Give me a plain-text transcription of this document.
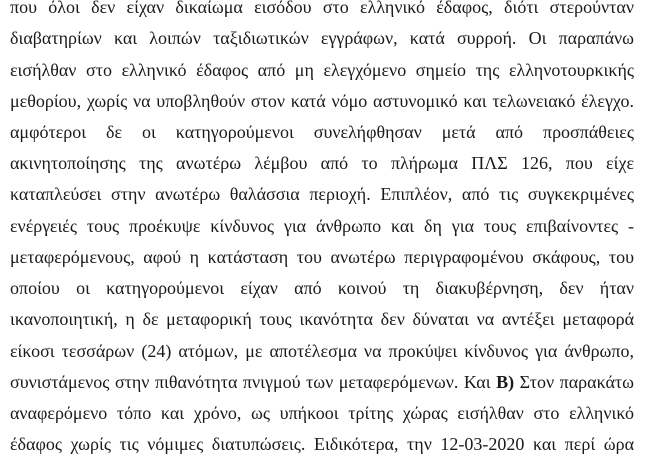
που όλοι δεν είχαν δικαίωμα εισόδου στο ελληνικό έδαφος, διότι στερούνταν
διαβατηρίων και λοιπών ταξιδιωτικών εγγράφων, κατά συρροή. Οι παραπάνω
εισήλθαν στο ελληνικό έδαφος από μη ελεγχόμενο σημείο της ελληνοτουρκικής
μεθορίου, χωρίς να υποβληθούν στον κατά νόμο αστυνομικό και τελωνειακό έλεγχο.
αμφότεροι δε οι κατηγορούμενοι συνελήφθησαν μετά από προσπάθειες
ακινητοποίησης της ανωτέρω λέμβου από το πλήρωμα ΠΛΣ 126, που είχε
καταπλεύσει στην ανωτέρω θαλάσσια περιοχή. Επιπλέον, από τις συγκεκριμένες
ενέργειές τους προέκυψε κίνδυνος για άνθρωπο και δη για τους επιβαίνοντες -
μεταφερόμενους, αφού η κατάσταση του ανωτέρω περιγραφομένου σκάφους, του
οποίου οι κατηγορούμενοι είχαν από κοινού τη διακυβέρνηση, δεν ήταν
ικανοποιητική, η δε μεταφορική τους ικανότητα δεν δύναται να αντέξει μεταφορά
είκοσι τεσσάρων (24) ατόμων, με αποτέλεσμα να προκύψει κίνδυνος για άνθρωπο,
συνιστάμενος στην πιθανότητα πνιγμού των μεταφερόμενων. Και Β) Στον παρακάτω
αναφερόμενο τόπο και χρόνο, ως υπήκοοι τρίτης χώρας εισήλθαν στο ελληνικό
έδαφος χωρίς τις νόμιμες διατυπώσεις. Ειδικότερα, την 12-03-2020 και περί ώρα
